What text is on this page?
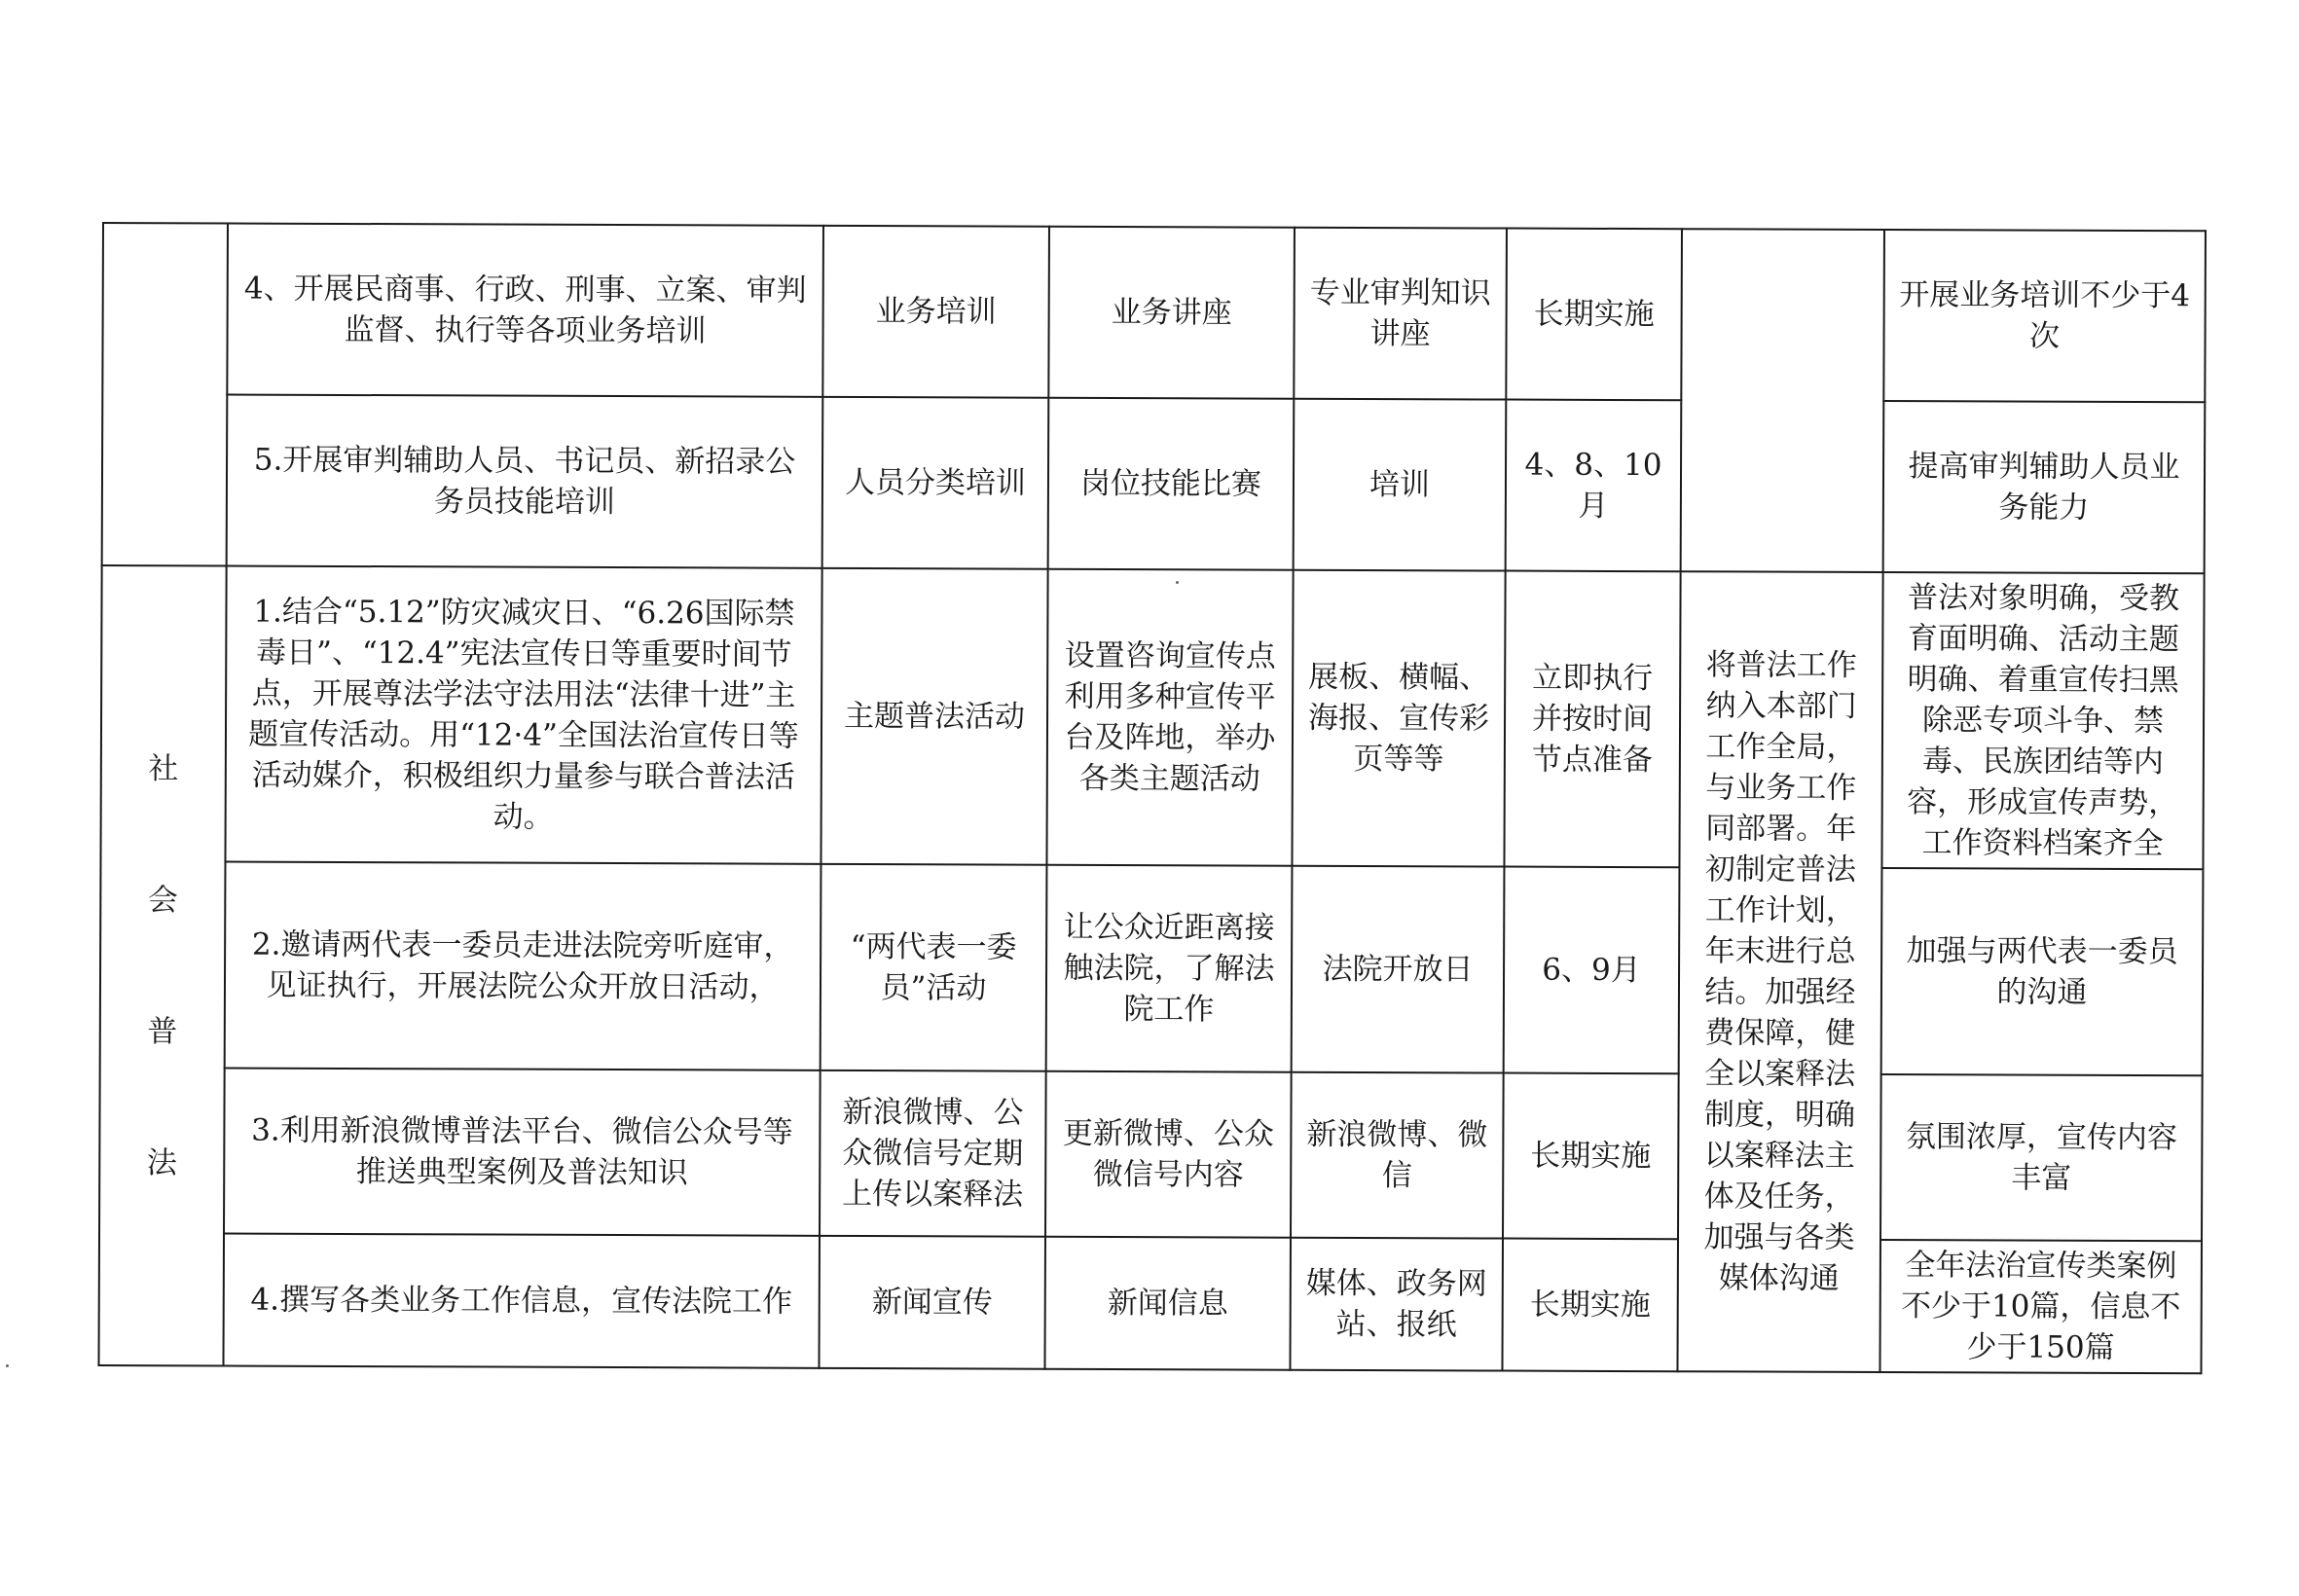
	4、开展民商事、行政、刑事、立案、审判监督、执行等各项业务培训	业务培训	业务讲座	专业审判知识讲座	长期实施		开展业务培训不少于4次
	5.开展审判辅助人员、书记员、新招录公务员技能培训	人员分类培训	岗位技能比赛	培训	4、8、10月		提高审判辅助人员业务能力

社
会
普
法	1.结合“5.12”防灾减灾日、“6.26国际禁毒日”、“12.4”宪法宣传日等重要时间节点，开展尊法学法守法用法“法律十进”主题宣传活动。用“12·4”全国法治宣传日等活动媒介，积极组织力量参与联合普法活动。	主题普法活动	设置咨询宣传点利用多种宣传平台及阵地，举办各类主题活动	展板、横幅、海报、宣传彩页等等	立即执行并按时间节点准备	将普法工作纳入本部门工作全局，与业务工作同部署。年初制定普法工作计划，年末进行总结。加强经费保障，健全以案释法制度，明确以案释法主体及任务，加强与各类媒体沟通	普法对象明确，受教育面明确、活动主题明确、着重宣传扫黑除恶专项斗争、禁毒、民族团结等内容，形成宣传声势，工作资料档案齐全
	2.邀请两代表一委员走进法院旁听庭审，见证执行，开展法院公众开放日活动，	“两代表一委员”活动	让公众近距离接触法院，了解法院工作	法院开放日	6、9月		加强与两代表一委员的沟通
	3.利用新浪微博普法平台、微信公众号等推送典型案例及普法知识	新浪微博、公众微信号定期上传以案释法	更新微博、公众微信号内容	新浪微博、微信	长期实施		氛围浓厚，宣传内容丰富
	4.撰写各类业务工作信息，宣传法院工作	新闻宣传	新闻信息	媒体、政务网站、报纸	长期实施		全年法治宣传类案例不少于10篇，信息不少于150篇
